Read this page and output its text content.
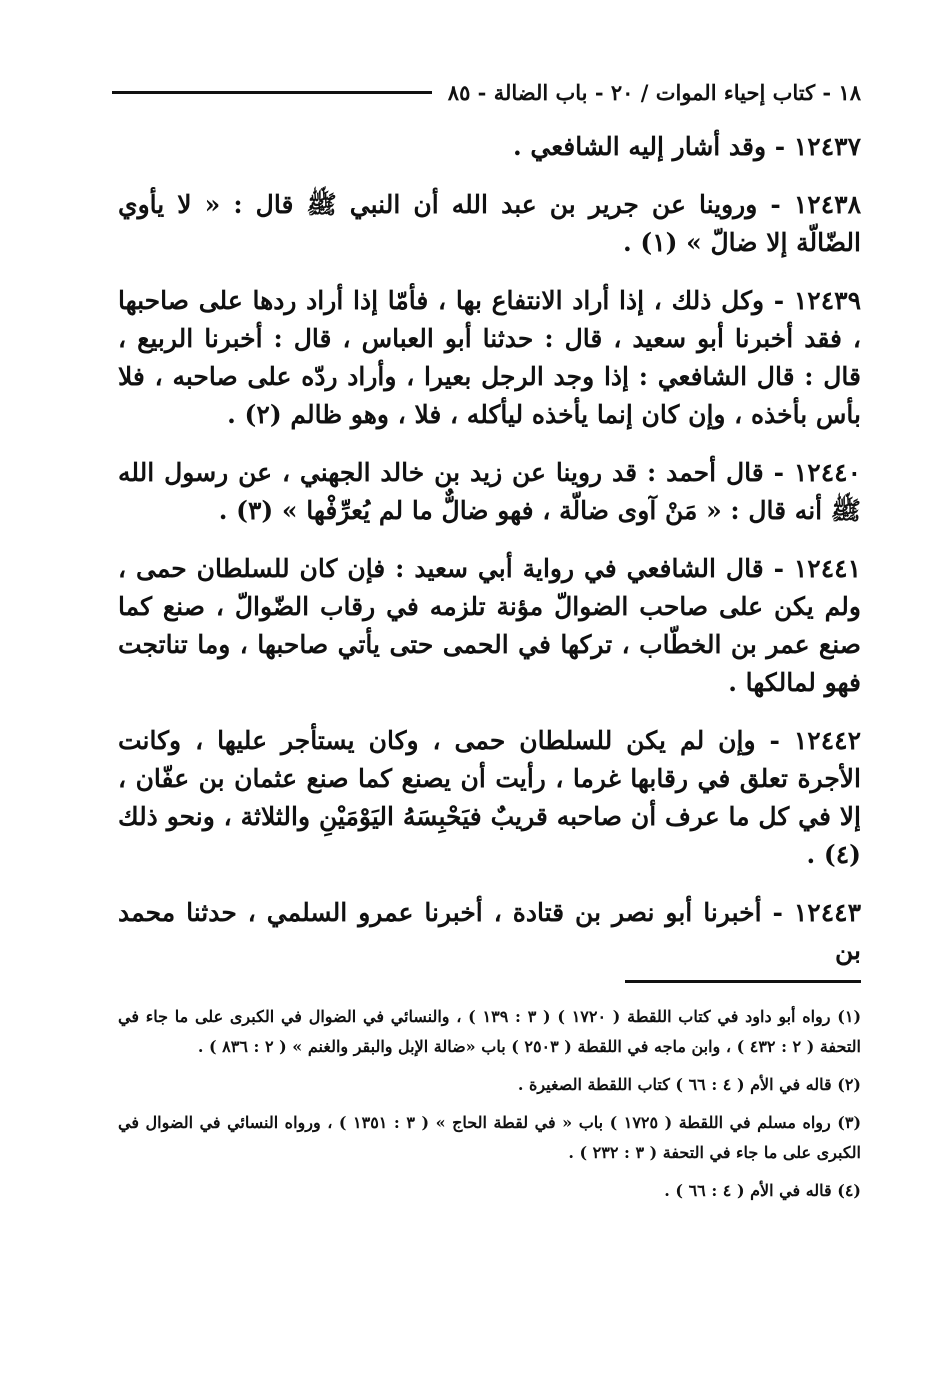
١٨ - كتاب إحياء الموات / ٢٠ - باب الضالة - ٨٥

١٢٤٣٧ - وقد أشار إليه الشافعي .

١٢٤٣٨ - وروينا عن جرير بن عبد الله أن النبي ﷺ قال : « لا يأوي الضّالّة إلا ضالّ » (١) .

١٢٤٣٩ - وكل ذلك ، إذا أراد الانتفاع بها ، فأمّا إذا أراد ردها على صاحبها ، فقد أخبرنا أبو سعيد ، قال : حدثنا أبو العباس ، قال : أخبرنا الربيع ، قال : قال الشافعي : إذا وجد الرجل بعيرا ، وأراد ردّه على صاحبه ، فلا بأس بأخذه ، وإن كان إنما يأخذه ليأكله ، فلا ، وهو ظالم (٢) .

١٢٤٤٠ - قال أحمد : قد روينا عن زيد بن خالد الجهني ، عن رسول الله ﷺ أنه قال : « مَنْ آوى ضالّة ، فهو ضالٌّ ما لم يُعرِّفْها » (٣) .

١٢٤٤١ - قال الشافعي في رواية أبي سعيد : فإن كان للسلطان حمى ، ولم يكن على صاحب الضوالّ مؤنة تلزمه في رقاب الضّوالّ ، صنع كما صنع عمر بن الخطّاب ، تركها في الحمى حتى يأتي صاحبها ، وما تناتجت فهو لمالكها .

١٢٤٤٢ - وإن لم يكن للسلطان حمى ، وكان يستأجر عليها ، وكانت الأجرة تعلق في رقابها غرما ، رأيت أن يصنع كما صنع عثمان بن عفّان ، إلا في كل ما عرف أن صاحبه قريبٌ فيَحْبِسَهُ اليَوْمَيْنِ والثلاثة ، ونحو ذلك (٤) .

١٢٤٤٣ - أخبرنا أبو نصر بن قتادة ، أخبرنا عمرو السلمي ، حدثنا محمد بن

(١) رواه أبو داود في كتاب اللقطة ( ١٧٢٠ ) ( ٣ : ١٣٩ ) ، والنسائي في الضوال في الكبرى على ما جاء في التحفة ( ٢ : ٤٣٢ ) ، وابن ماجه في اللقطة ( ٢٥٠٣ ) باب «ضالة الإبل والبقر والغنم » ( ٢ : ٨٣٦ ) .

(٢) قاله في الأم ( ٤ : ٦٦ ) كتاب اللقطة الصغيرة .

(٣) رواه مسلم في اللقطة ( ١٧٢٥ ) باب « في لقطة الحاج » ( ٣ : ١٣٥١ ) ، ورواه النسائي في الضوال في الكبرى على ما جاء في التحفة ( ٣ : ٢٣٢ ) .

(٤) قاله في الأم ( ٤ : ٦٦ ) .
